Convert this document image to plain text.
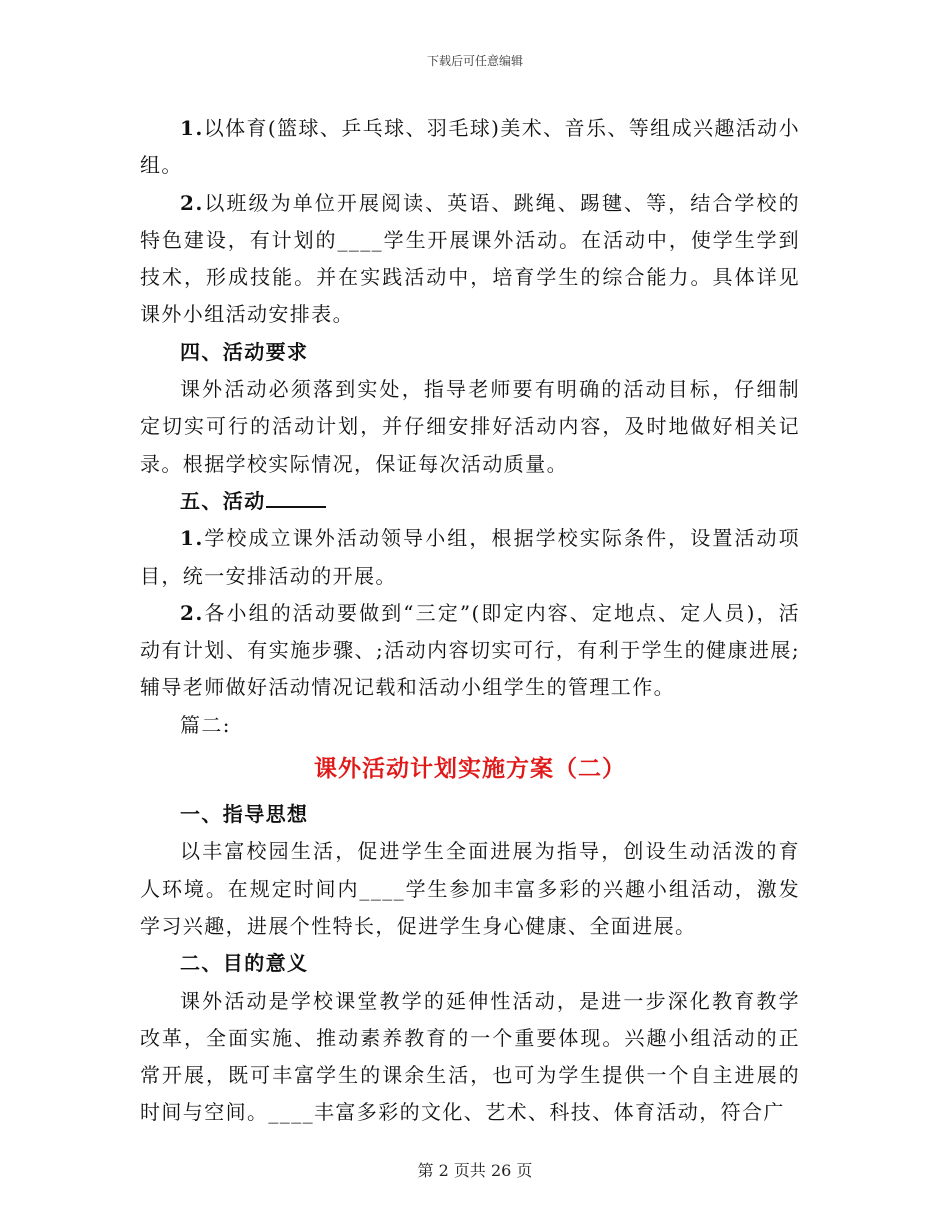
下载后可任意编辑

1.以体育(篮球、乒乓球、羽毛球)美术、音乐、等组成兴趣活动小组。

2.以班级为单位开展阅读、英语、跳绳、踢毽、等，结合学校的特色建设，有计划的____学生开展课外活动。在活动中，使学生学到技术，形成技能。并在实践活动中，培育学生的综合能力。具体详见课外小组活动安排表。

四、活动要求

课外活动必须落到实处，指导老师要有明确的活动目标，仔细制定切实可行的活动计划，并仔细安排好活动内容，及时地做好相关记录。根据学校实际情况，保证每次活动质量。

五、活动

1.学校成立课外活动领导小组，根据学校实际条件，设置活动项目，统一安排活动的开展。

2.各小组的活动要做到“三定”(即定内容、定地点、定人员)，活动有计划、有实施步骤、;活动内容切实可行，有利于学生的健康进展;辅导老师做好活动情况记载和活动小组学生的管理工作。

篇二:

课外活动计划实施方案（二）

一、指导思想

以丰富校园生活，促进学生全面进展为指导，创设生动活泼的育人环境。在规定时间内____学生参加丰富多彩的兴趣小组活动，激发学习兴趣，进展个性特长，促进学生身心健康、全面进展。

二、目的意义

课外活动是学校课堂教学的延伸性活动，是进一步深化教育教学改革，全面实施、推动素养教育的一个重要体现。兴趣小组活动的正常开展，既可丰富学生的课余生活，也可为学生提供一个自主进展的时间与空间。____丰富多彩的文化、艺术、科技、体育活动，符合广

第 2 页共 26 页
